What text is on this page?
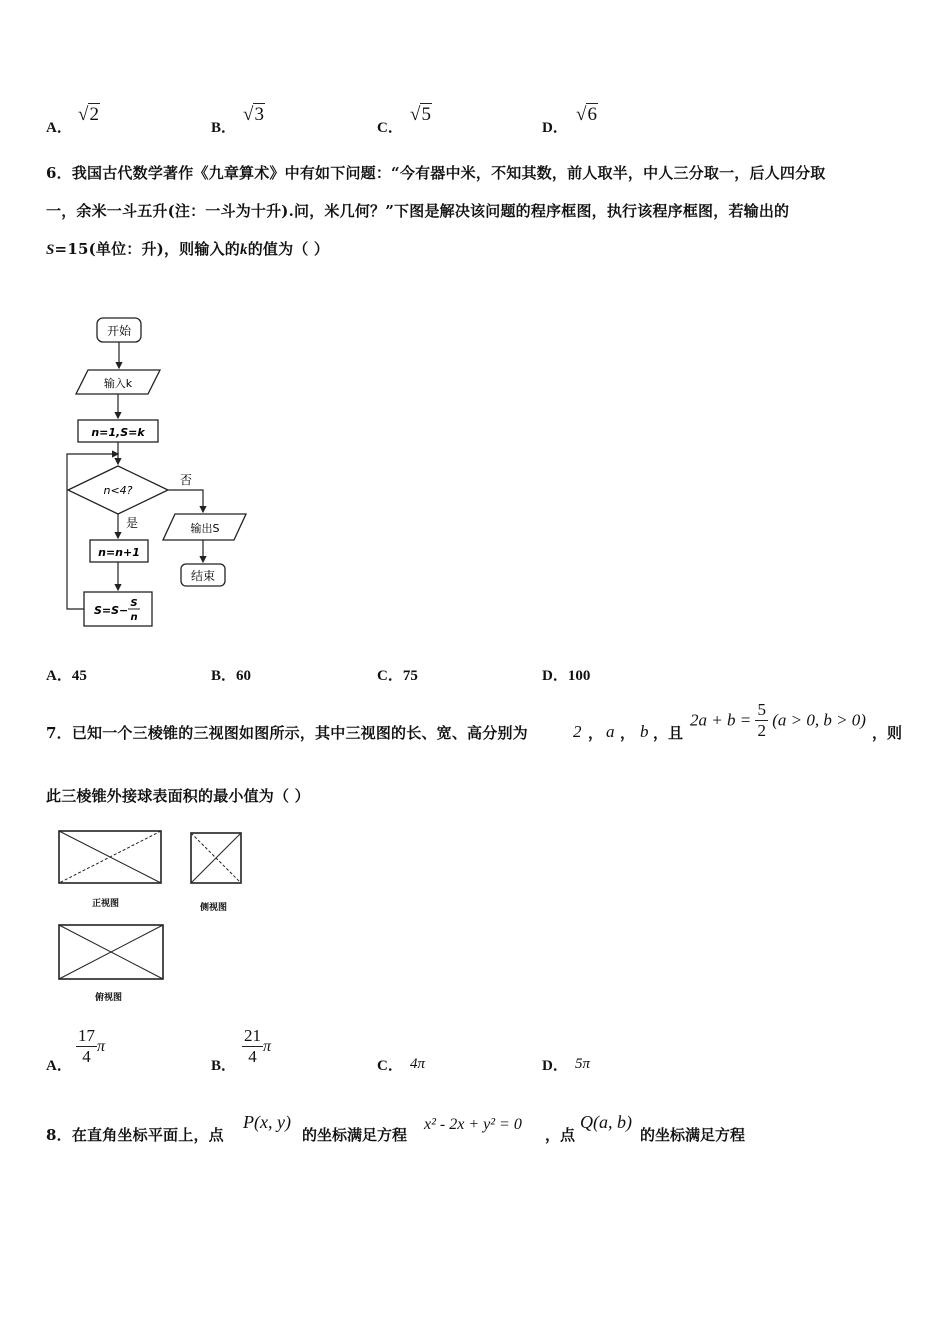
A．
√2
B．
√3
C．
√5
D．
√6
6．我国古代数学著作《九章算术》中有如下问题：“今有器中米，不知其数，前人取半，中人三分取一，后人四分取
一，余米一斗五升(注：一斗为十升).问，米几何？”下图是解决该问题的程序框图，执行该程序框图，若输出的
S=15(单位：升)，则输入的k的值为（ ）
开始
输入k
n=1,S=k
n<4?
否
输出S
结束
是
n=n+1
S=S−
S
n
A．45	B．60	C．75	D．100
7．已知一个三棱锥的三视图如图所示，其中三视图的长、宽、高分别为	2 ， a ， b ，且
$2a + b = \frac{5}{2} (a > 0$, b > 0)
，则
此三棱锥外接球表面积的最小值为（ ）
正视图	侧视图
俯视图
A． $\frac{17}{4}$ π
B． $\frac{21}{4}$ π
C． 4π	D． 5π
8．在直角坐标平面上，点
P(x, y)
的坐标满足方程
x² - 2x + y² = 0
，点
Q(a, b)
的坐标满足方程
